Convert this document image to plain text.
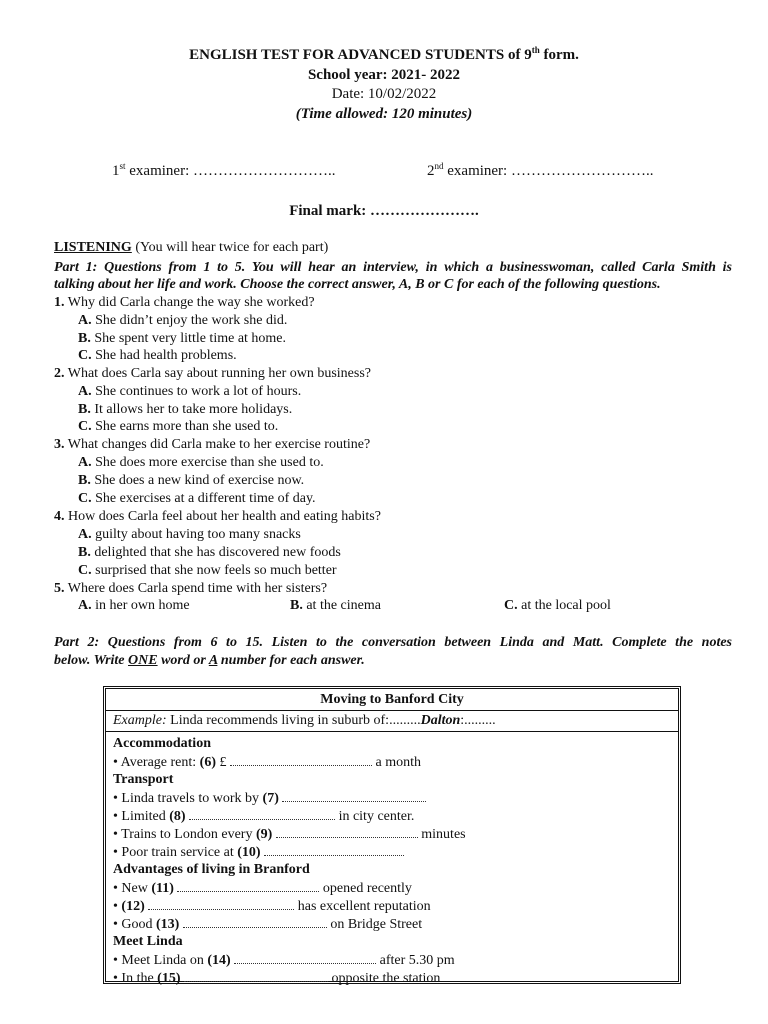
ENGLISH TEST FOR ADVANCED STUDENTS of 9th form.
School year: 2021- 2022
Date: 10/02/2022
(Time allowed: 120 minutes)
1st examiner: ………………………..	2nd examiner: ………………………..
Final mark: ………………….
LISTENING (You will hear twice for each part)
Part 1: Questions from 1 to 5. You will hear an interview, in which a businesswoman, called Carla Smith is
talking about her life and work. Choose the correct answer, A, B or C for each of the following questions.
1. Why did Carla change the way she worked?
A. She didn’t enjoy the work she did.
B. She spent very little time at home.
C. She had health problems.
2. What does Carla say about running her own business?
A. She continues to work a lot of hours.
B. It allows her to take more holidays.
C. She earns more than she used to.
3. What changes did Carla make to her exercise routine?
A. She does more exercise than she used to.
B. She does a new kind of exercise now.
C. She exercises at a different time of day.
4. How does Carla feel about her health and eating habits?
A. guilty about having too many snacks
B. delighted that she has discovered new foods
C. surprised that she now feels so much better
5. Where does Carla spend time with her sisters?
A. in her own home	B. at the cinema	C. at the local pool
Part 2: Questions from 6 to 15. Listen to the conversation between Linda and Matt. Complete the notes
below. Write ONE word or A number for each answer.
Moving to Banford City
Example: Linda recommends living in suburb of:.........Dalton:.........
Accommodation
• Average rent: (6) £	a month
Transport
• Linda travels to work by (7)
• Limited (8)	in city center.
• Trains to London every (9)	minutes
• Poor train service at (10)
Advantages of living in Branford
• New (11)	opened recently
• (12)	has excellent reputation
• Good (13)	on Bridge Street
Meet Linda
• Meet Linda on (14)	after 5.30 pm
• In the (15)	opposite the station
